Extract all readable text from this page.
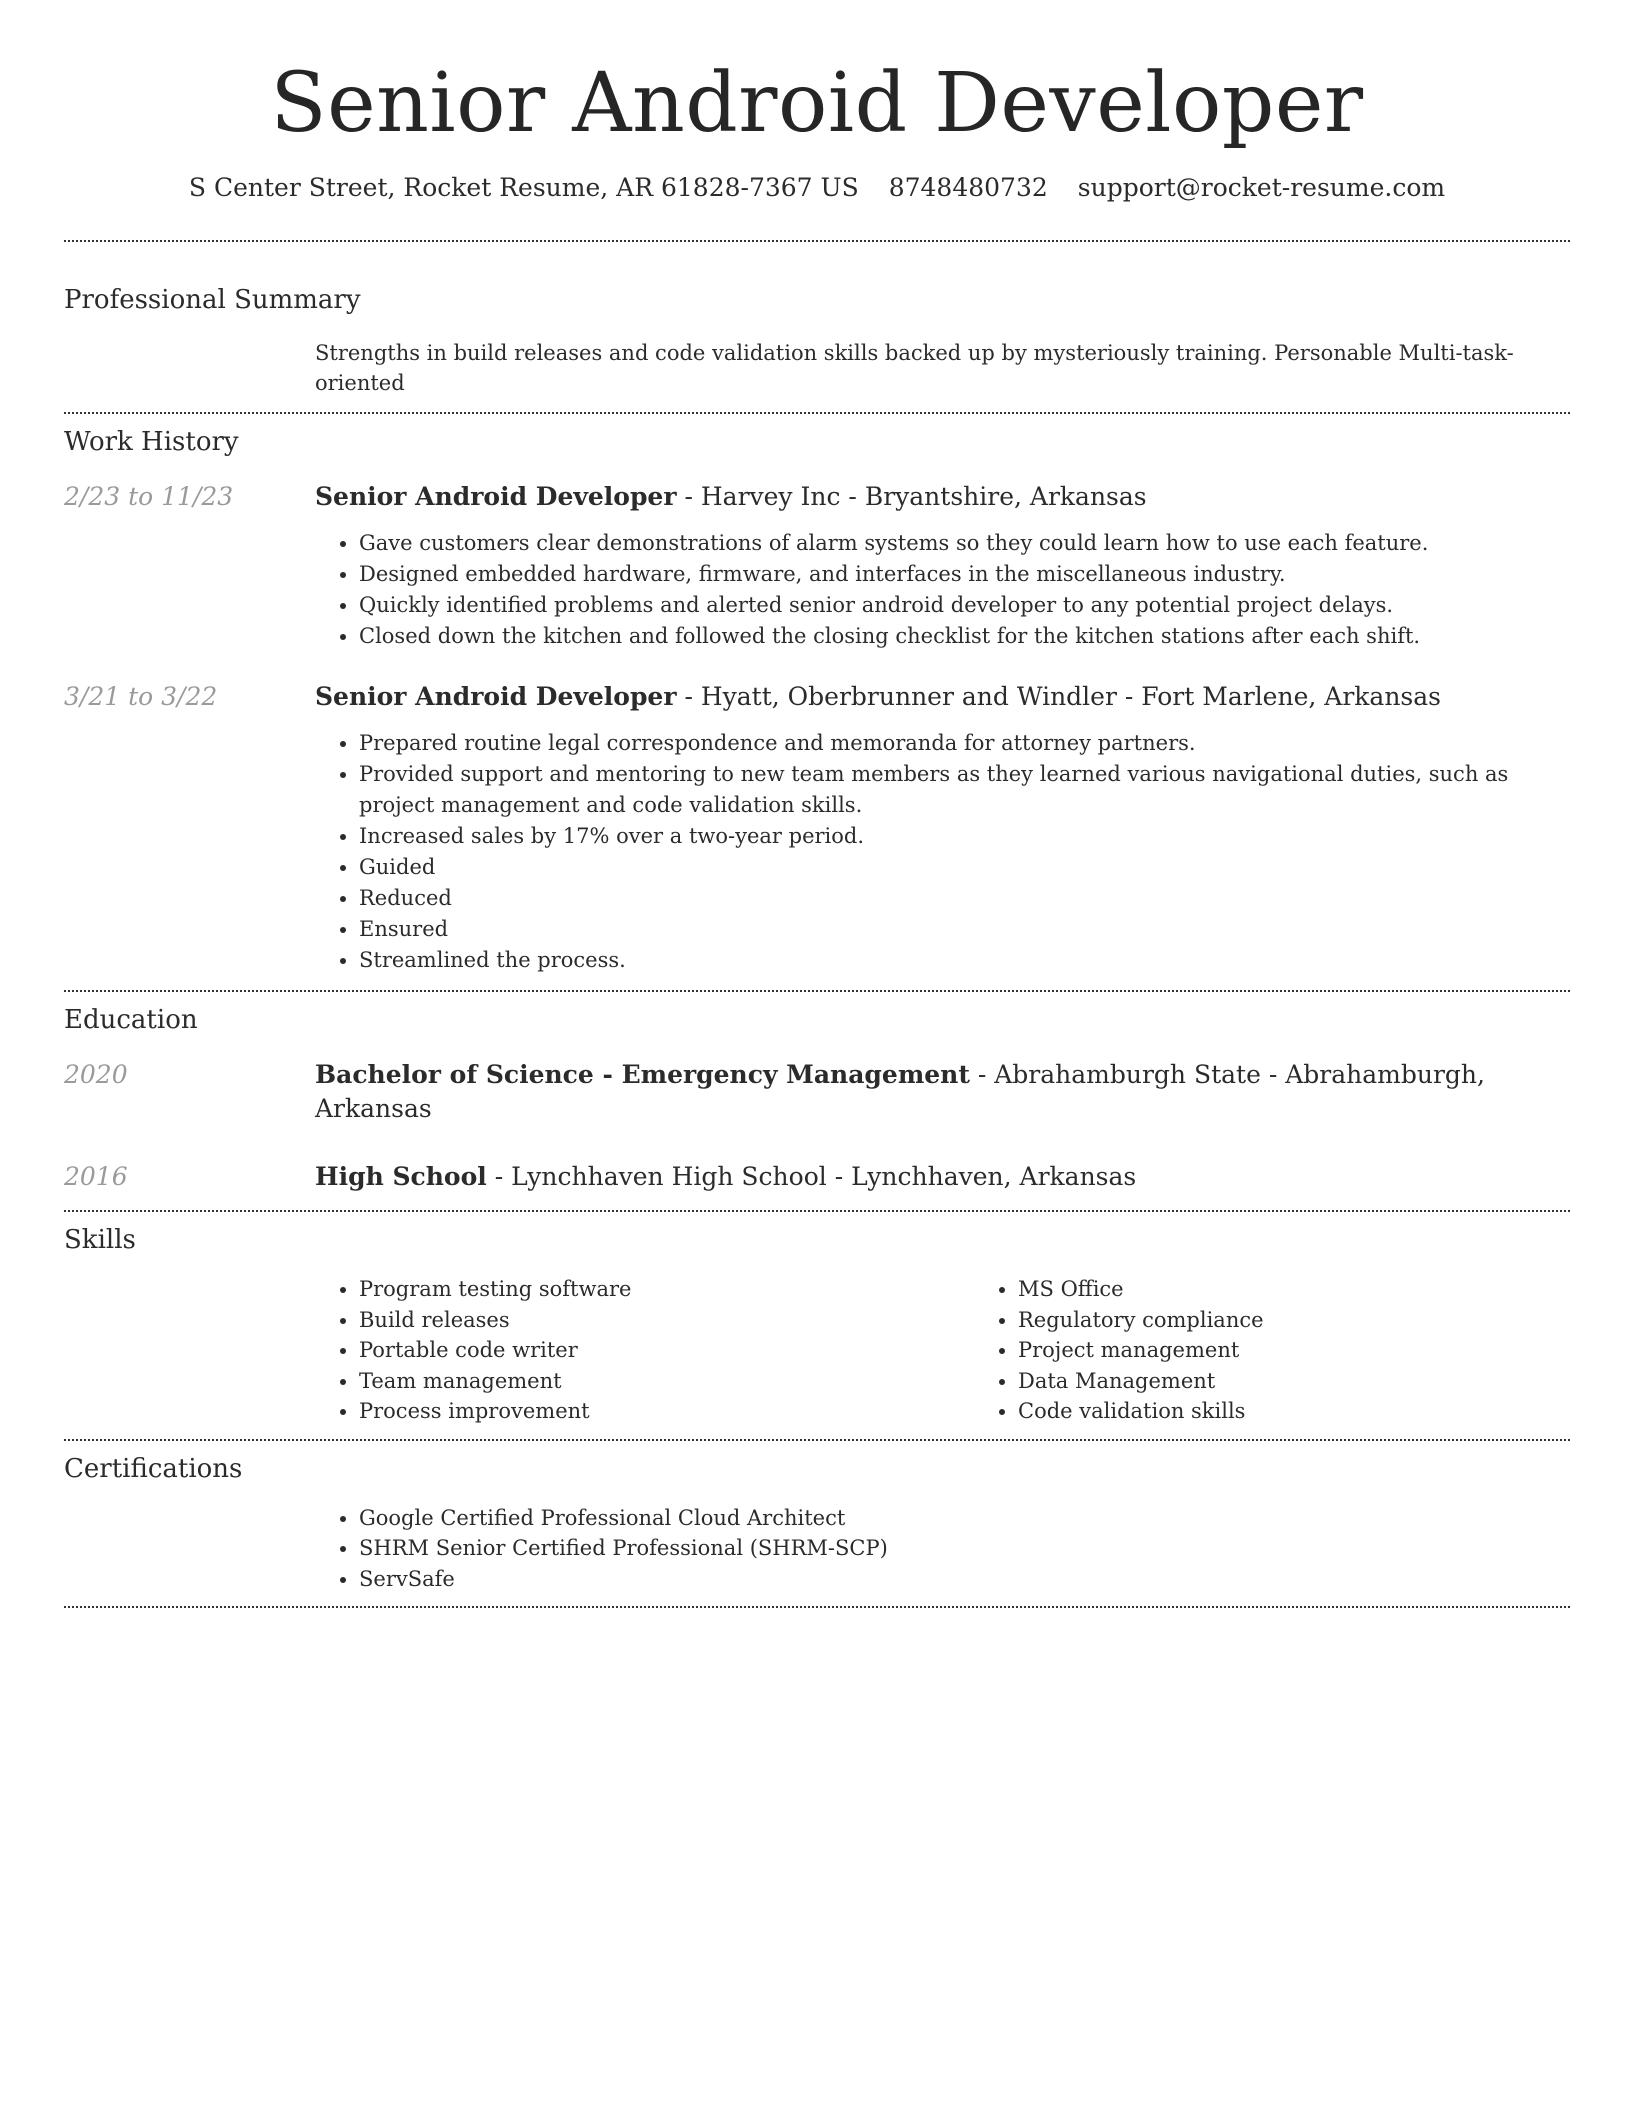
Senior Android Developer
S Center Street, Rocket Resume, AR 61828-7367 US 8748480732 support@rocket-resume.com
Professional Summary
Strengths in build releases and code validation skills backed up by mysteriously training. Personable Multi-task-oriented
Work History
2/23 to 11/23	Senior Android Developer - Harvey Inc - Bryantshire, Arkansas
• Gave customers clear demonstrations of alarm systems so they could learn how to use each feature.
• Designed embedded hardware, firmware, and interfaces in the miscellaneous industry.
• Quickly identified problems and alerted senior android developer to any potential project delays.
• Closed down the kitchen and followed the closing checklist for the kitchen stations after each shift.
3/21 to 3/22	Senior Android Developer - Hyatt, Oberbrunner and Windler - Fort Marlene, Arkansas
• Prepared routine legal correspondence and memoranda for attorney partners.
• Provided support and mentoring to new team members as they learned various navigational duties, such as project management and code validation skills.
• Increased sales by 17% over a two-year period.
• Guided
• Reduced
• Ensured
• Streamlined the process.
Education
2020	Bachelor of Science - Emergency Management - Abrahamburgh State - Abrahamburgh, Arkansas
2016	High School - Lynchhaven High School - Lynchhaven, Arkansas
Skills
• Program testing software
• Build releases
• Portable code writer
• Team management
• Process improvement
• MS Office
• Regulatory compliance
• Project management
• Data Management
• Code validation skills
Certifications
• Google Certified Professional Cloud Architect
• SHRM Senior Certified Professional (SHRM-SCP)
• ServSafe
